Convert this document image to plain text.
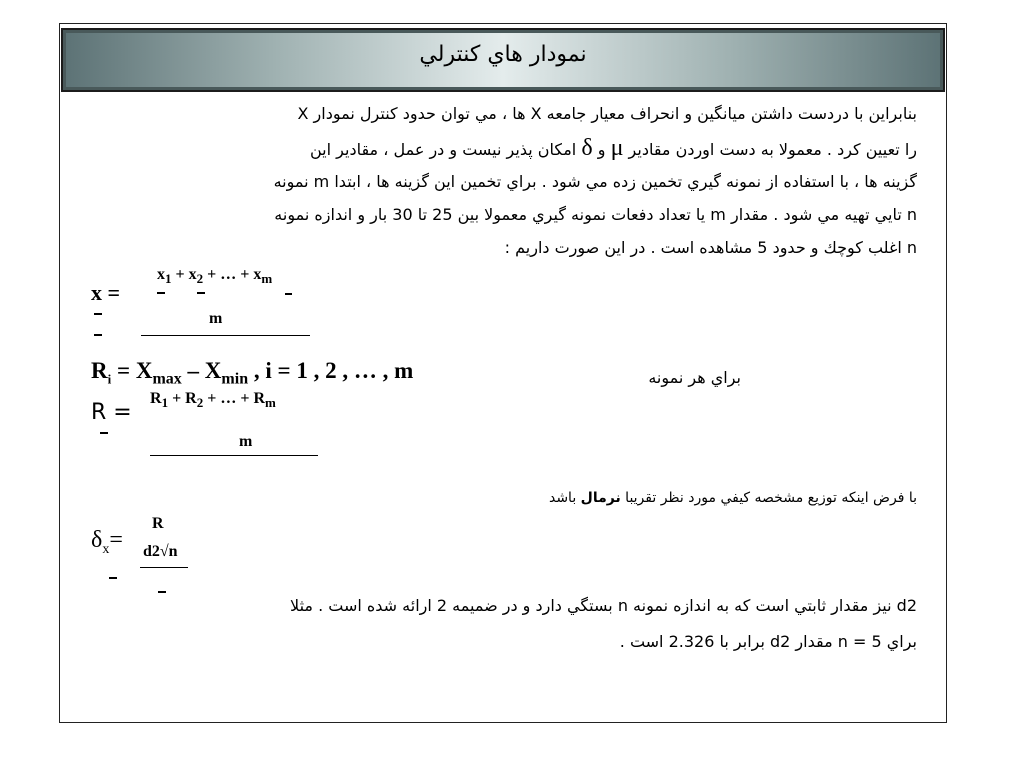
نمودار هاي كنترلي
بنابراين با دردست داشتن ميانگين و انحراف معيار جامعه X ها ، مي توان حدود كنترل نمودار X
را تعيين كرد . معمولا به دست اوردن مقادير μ و δ امكان پذير نيست و در عمل ، مقادير اين
گزينه ها ، با استفاده از نمونه گيري تخمين زده مي شود . براي تخمين اين گزينه ها ، ابتدا m نمونه
n تايي تهيه مي شود . مقدار m يا تعداد دفعات نمونه گيري معمولا بين 25 تا 30 بار و اندازه نمونه
n اغلب كوچك و حدود 5 مشاهده است . در اين صورت داريم :
x =
$x_1 + x_2$ + … + $x_m$
m
$R_i = X_{max} - X_{min}$ , i = 1 , 2 , … , m	براي هر نمونه
R =
$R_1 + R_2$ + … + $R_m$
m
با فرض اينكه توزيع مشخصه كيفي مورد نظر تقريبا نرمال باشد
$\delta_x=$
R
d2√n
d2 نيز مقدار ثابتي است كه به اندازه نمونه n بستگي دارد و در ضميمه 2 ارائه شده است . مثلا
براي n = 5 مقدار d2 برابر با 2.326 است .
